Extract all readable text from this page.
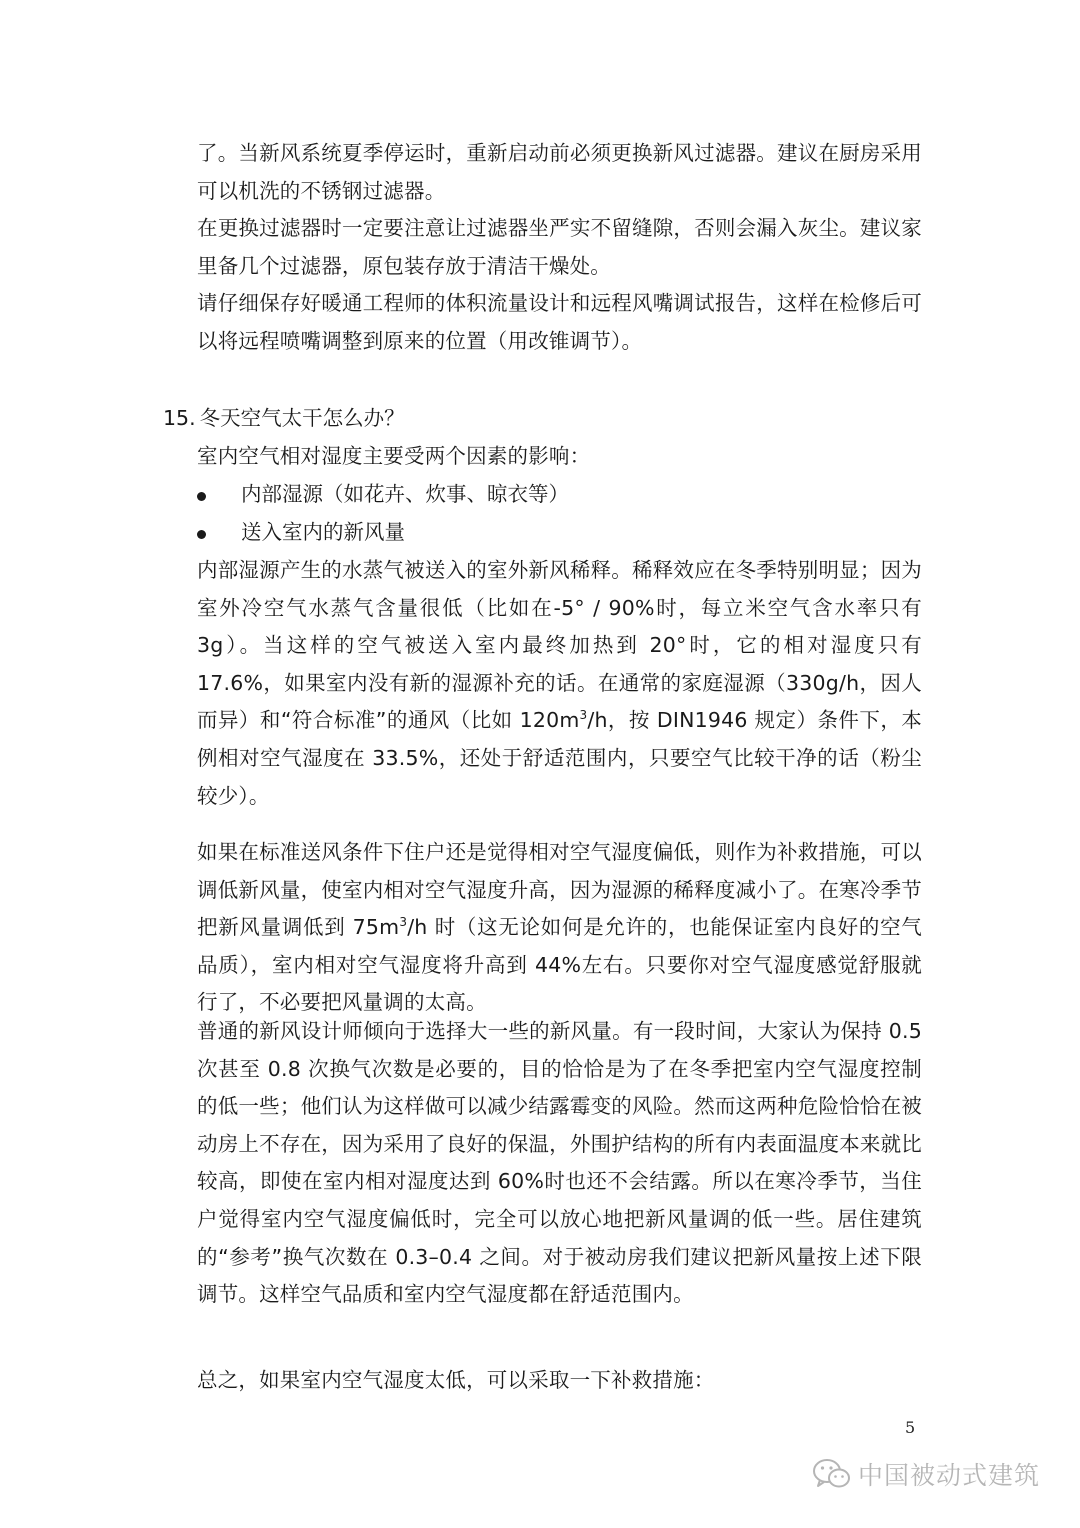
了。当新风系统夏季停运时，重新启动前必须更换新风过滤器。建议在厨房采用可以机洗的不锈钢过滤器。

在更换过滤器时一定要注意让过滤器坐严实不留缝隙，否则会漏入灰尘。建议家里备几个过滤器，原包装存放于清洁干燥处。

请仔细保存好暖通工程师的体积流量设计和远程风嘴调试报告，这样在检修后可以将远程喷嘴调整到原来的位置（用改锥调节）。

15. 冬天空气太干怎么办？

室内空气相对湿度主要受两个因素的影响：

内部湿源（如花卉、炊事、晾衣等）
送入室内的新风量

内部湿源产生的水蒸气被送入的室外新风稀释。稀释效应在冬季特别明显；因为室外冷空气水蒸气含量很低（比如在-5° / 90%时，每立米空气含水率只有 3g）。当这样的空气被送入室内最终加热到 20°时，它的相对湿度只有17.6%，如果室内没有新的湿源补充的话。在通常的家庭湿源（330g/h，因人而异）和“符合标准”的通风（比如 $120m^3/h$，按 DIN1946 规定）条件下，本例相对空气湿度在 33.5%，还处于舒适范围内，只要空气比较干净的话（粉尘较少）。

如果在标准送风条件下住户还是觉得相对空气湿度偏低，则作为补救措施，可以调低新风量，使室内相对空气湿度升高，因为湿源的稀释度减小了。在寒冷季节把新风量调低到 $75m^3/h$ 时（这无论如何是允许的，也能保证室内良好的空气品质），室内相对空气湿度将升高到 44%左右。只要你对空气湿度感觉舒服就行了，不必要把风量调的太高。

普通的新风设计师倾向于选择大一些的新风量。有一段时间，大家认为保持 0.5 次甚至 0.8 次换气次数是必要的，目的恰恰是为了在冬季把室内空气湿度控制的低一些；他们认为这样做可以减少结露霉变的风险。然而这两种危险恰恰在被动房上不存在，因为采用了良好的保温，外围护结构的所有内表面温度本来就比较高，即使在室内相对湿度达到 60%时也还不会结露。所以在寒冷季节，当住户觉得室内空气湿度偏低时，完全可以放心地把新风量调的低一些。居住建筑的“参考”换气次数在 0.3–0.4 之间。对于被动房我们建议把新风量按上述下限调节。这样空气品质和室内空气湿度都在舒适范围内。

总之，如果室内空气湿度太低，可以采取一下补救措施：

5
中国被动式建筑
